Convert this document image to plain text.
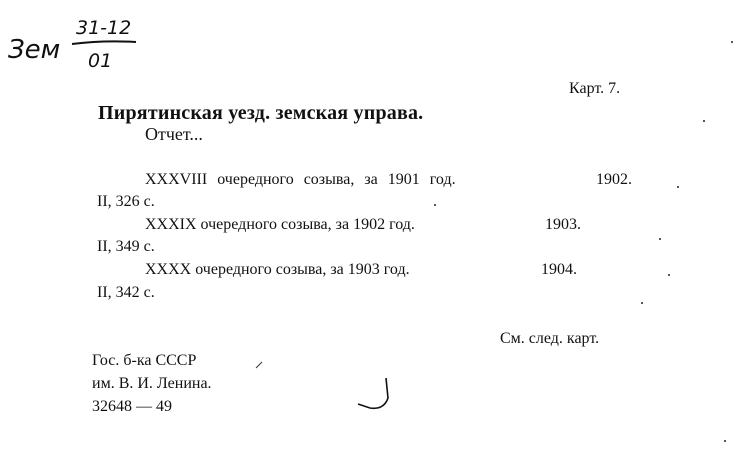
Зем
31-12
01
Карт. 7.
Пирятинская уезд. земская управа.
Отчет...
XXXVIII очередного созыва, за 1901 год.	1902.
II, 326 с.
XXXIX очередного созыва, за 1902 год.	1903.
II, 349 с.
XXXX очередного созыва, за 1903 год.	1904.
II, 342 с.
См. след. карт.
Гос. б-ка СССР
им. В. И. Ленина.
32648 — 49
